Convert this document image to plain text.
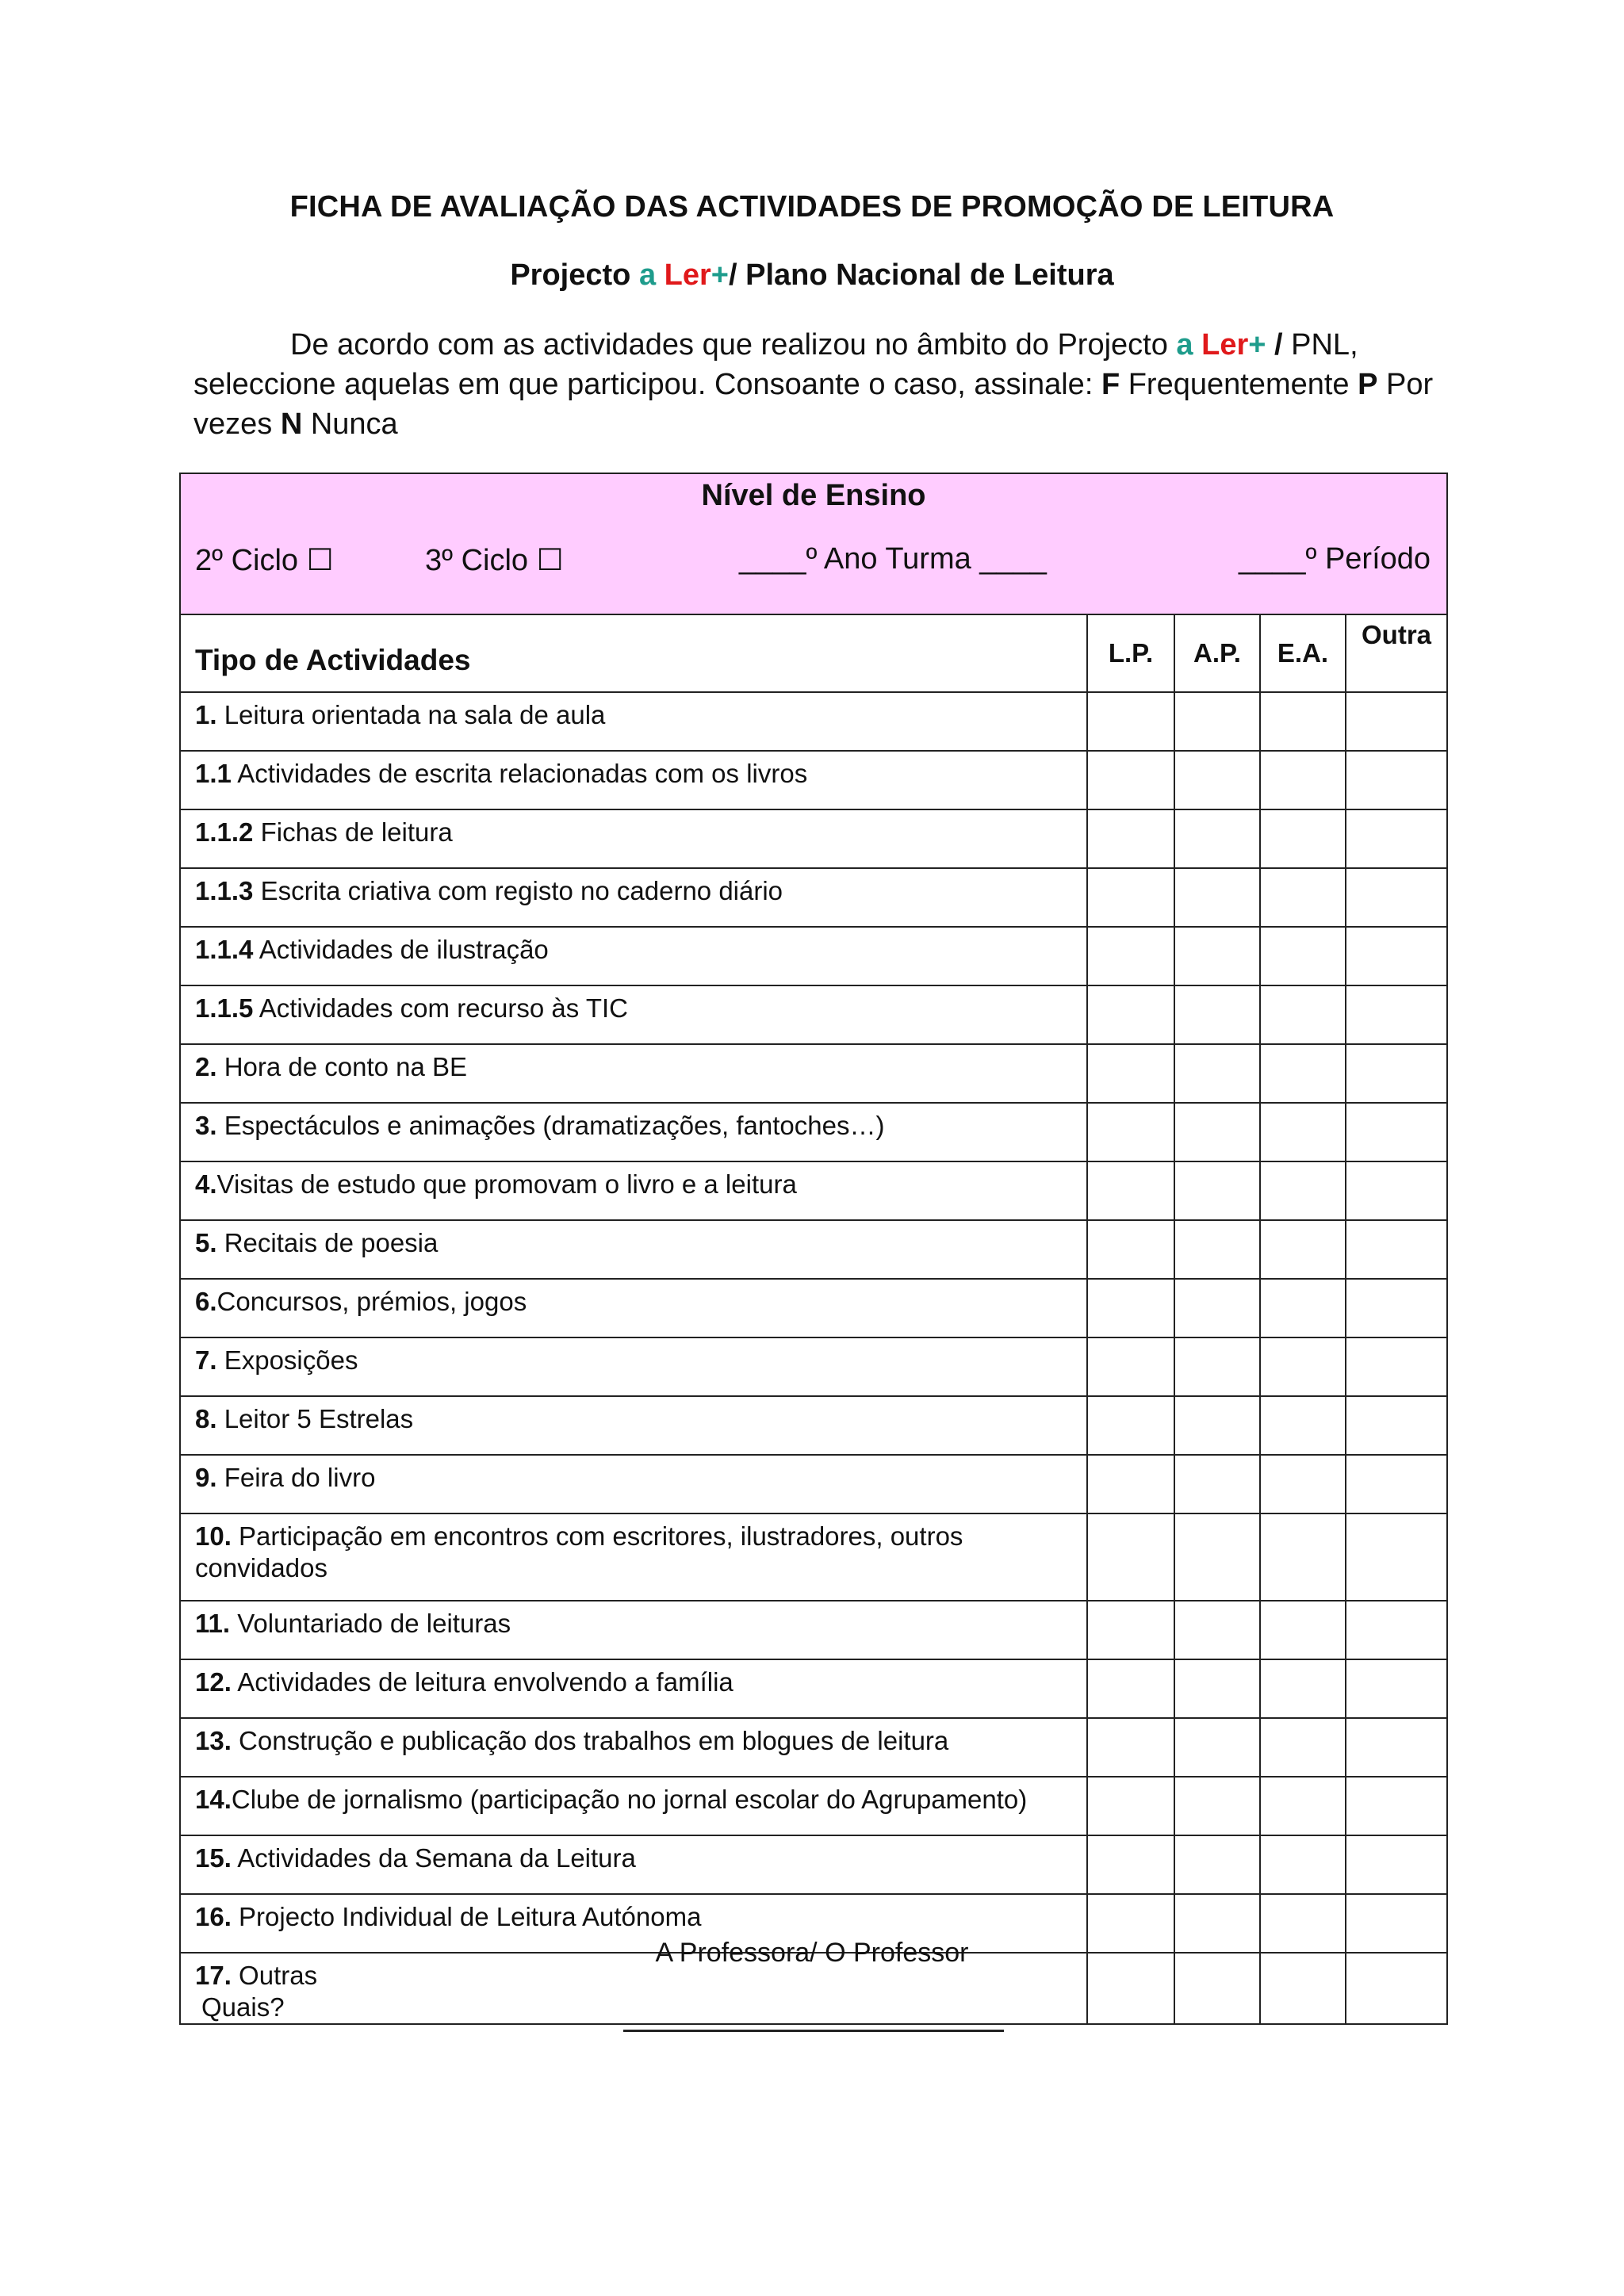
FICHA DE AVALIAÇÃO DAS ACTIVIDADES DE PROMOÇÃO DE LEITURA
Projecto a Ler+/ Plano Nacional de Leitura
De acordo com as actividades que realizou no âmbito do Projecto a Ler+ / PNL, seleccione aquelas em que participou. Consoante o caso, assinale: F Frequentemente P Por vezes N Nunca
Nível de Ensino
2º Ciclo ☐ 3º Ciclo ☐ ____º Ano Turma ____ ____º Período				

Tipo de Actividades	L.P.	A.P.	E.A.	Outra
1. Leitura orientada na sala de aula				
1.1 Actividades de escrita relacionadas com os livros				
1.1.2 Fichas de leitura				
1.1.3 Escrita criativa com registo no caderno diário				
1.1.4 Actividades de ilustração				
1.1.5 Actividades com recurso às TIC				
2. Hora de conto na BE				
3. Espectáculos e animações (dramatizações, fantoches…)				
4.Visitas de estudo que promovam o livro e a leitura				
5. Recitais de poesia				
6.Concursos, prémios, jogos				
7. Exposições				
8. Leitor 5 Estrelas				
9. Feira do livro				
10. Participação em encontros com escritores, ilustradores, outros convidados				
11. Voluntariado de leituras				
12. Actividades de leitura envolvendo a família				
13. Construção e publicação dos trabalhos em blogues de leitura				
14.Clube de jornalismo (participação no jornal escolar do Agrupamento)				
15. Actividades da Semana da Leitura				
16. Projecto Individual de Leitura Autónoma				
17. Outras
Quais?				

A Professora/ O Professor
